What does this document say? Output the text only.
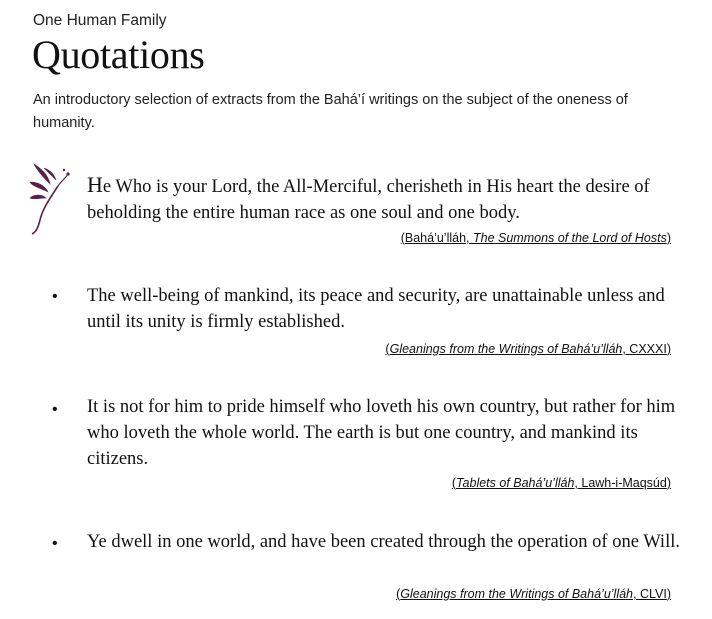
One Human Family
Quotations

An introductory selection of extracts from the Bahá’í writings on the subject of the oneness of humanity.

He Who is your Lord, the All-Merciful, cherisheth in His heart the desire of beholding the entire human race as one soul and one body.

(Bahá’u’lláh, The Summons of the Lord of Hosts)
• The well-being of mankind, its peace and security, are unattainable unless and until its unity is firmly established.

(Gleanings from the Writings of Bahá’u’lláh, CXXXI)
• It is not for him to pride himself who loveth his own country, but rather for him who loveth the whole world. The earth is but one country, and mankind its citizens.

(Tablets of Bahá’u’lláh, Lawh-i-Maqsúd)
• Ye dwell in one world, and have been created through the operation of one Will.

(Gleanings from the Writings of Bahá’u’lláh, CLVI)
